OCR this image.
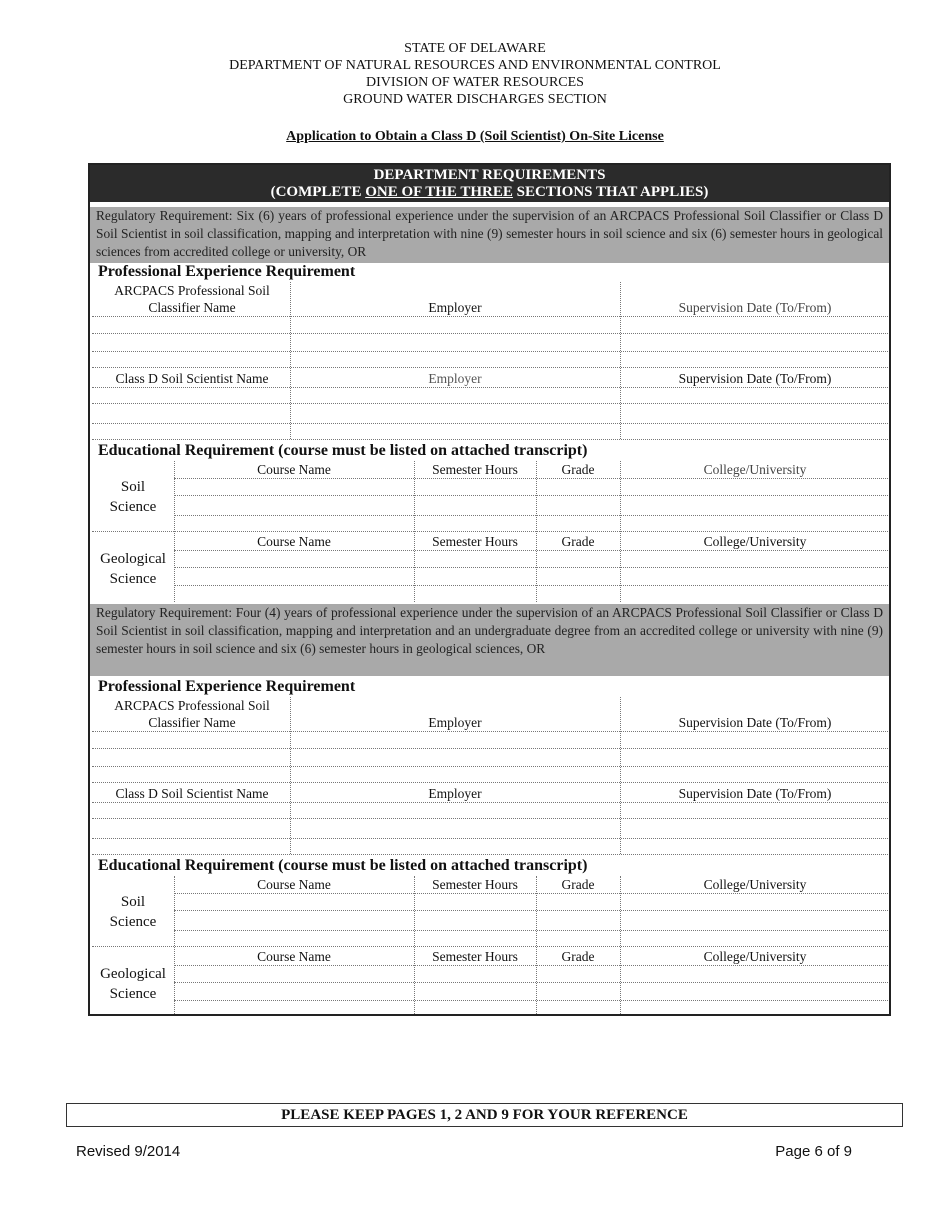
STATE OF DELAWARE
DEPARTMENT OF NATURAL RESOURCES AND ENVIRONMENTAL CONTROL
DIVISION OF WATER RESOURCES
GROUND WATER DISCHARGES SECTION
Application to Obtain a Class D (Soil Scientist) On-Site License
DEPARTMENT REQUIREMENTS
(COMPLETE ONE OF THE THREE SECTIONS THAT APPLIES)
Regulatory Requirement: Six (6) years of professional experience under the supervision of an ARCPACS Professional Soil Classifier or Class D Soil Scientist in soil classification, mapping and interpretation with nine (9) semester hours in soil science and six (6) semester hours in geological sciences from accredited college or university, OR
Professional Experience Requirement
ARCPACS Professional Soil
Classifier Name	Employer	Supervision Date (To/From)
Class D Soil Scientist Name	Employer	Supervision Date (To/From)
Educational Requirement (course must be listed on attached transcript)
Course Name	Semester Hours	Grade	College/University
Soil
Science
Course Name	Semester Hours	Grade	College/University
Geological
Science
Regulatory Requirement: Four (4) years of professional experience under the supervision of an ARCPACS Professional Soil Classifier or Class D Soil Scientist in soil classification, mapping and interpretation and an undergraduate degree from an accredited college or university with nine (9) semester hours in soil science and six (6) semester hours in geological sciences, OR
Professional Experience Requirement
ARCPACS Professional Soil
Classifier Name	Employer	Supervision Date (To/From)
Class D Soil Scientist Name	Employer	Supervision Date (To/From)
Educational Requirement (course must be listed on attached transcript)
Course Name	Semester Hours	Grade	College/University
Soil
Science
Course Name	Semester Hours	Grade	College/University
Geological
Science
PLEASE KEEP PAGES 1, 2 AND 9 FOR YOUR REFERENCE
Revised 9/2014	Page 6 of 9
